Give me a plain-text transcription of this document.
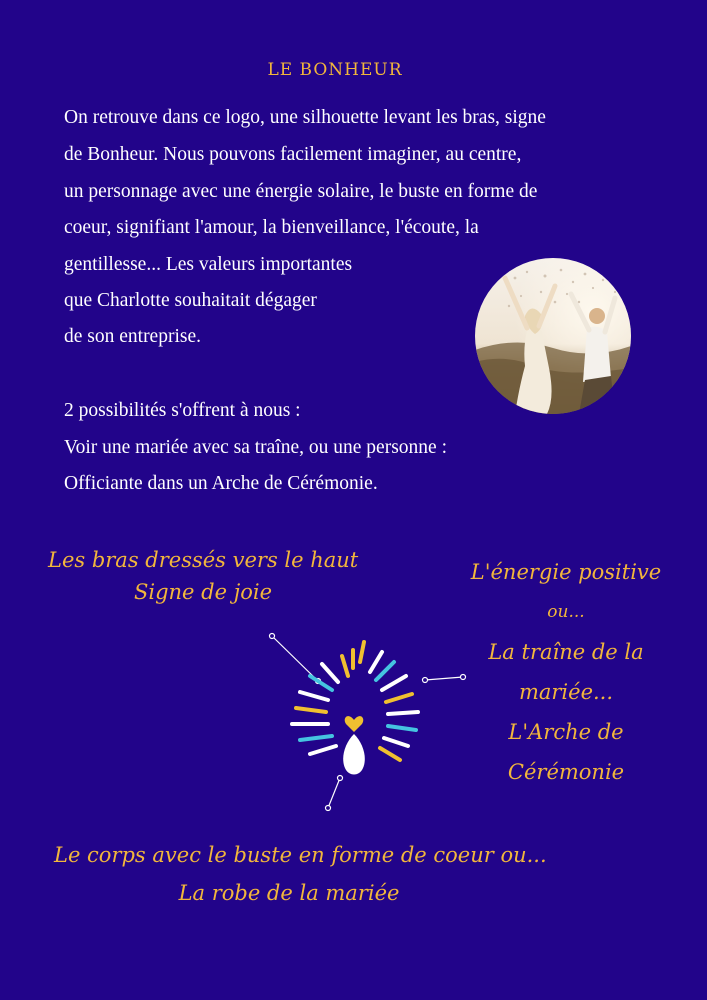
LE BONHEUR
On retrouve dans ce logo, une silhouette levant les bras, signe
de Bonheur. Nous pouvons facilement imaginer, au centre,
un personnage avec une énergie solaire, le buste en forme de
coeur, signifiant l'amour, la bienveillance, l'écoute, la
gentillesse... Les valeurs importantes
que Charlotte souhaitait dégager
de son entreprise.
2 possibilités s'offrent à nous :
Voir une mariée avec sa traîne, ou une personne :
Officiante dans un Arche de Cérémonie.
Les bras dressés vers le haut
Signe de joie
L'énergie positive
ou...
La traîne de la
mariée...
L'Arche de
Cérémonie
Le corps avec le buste en forme de coeur ou...
La robe de la mariée
